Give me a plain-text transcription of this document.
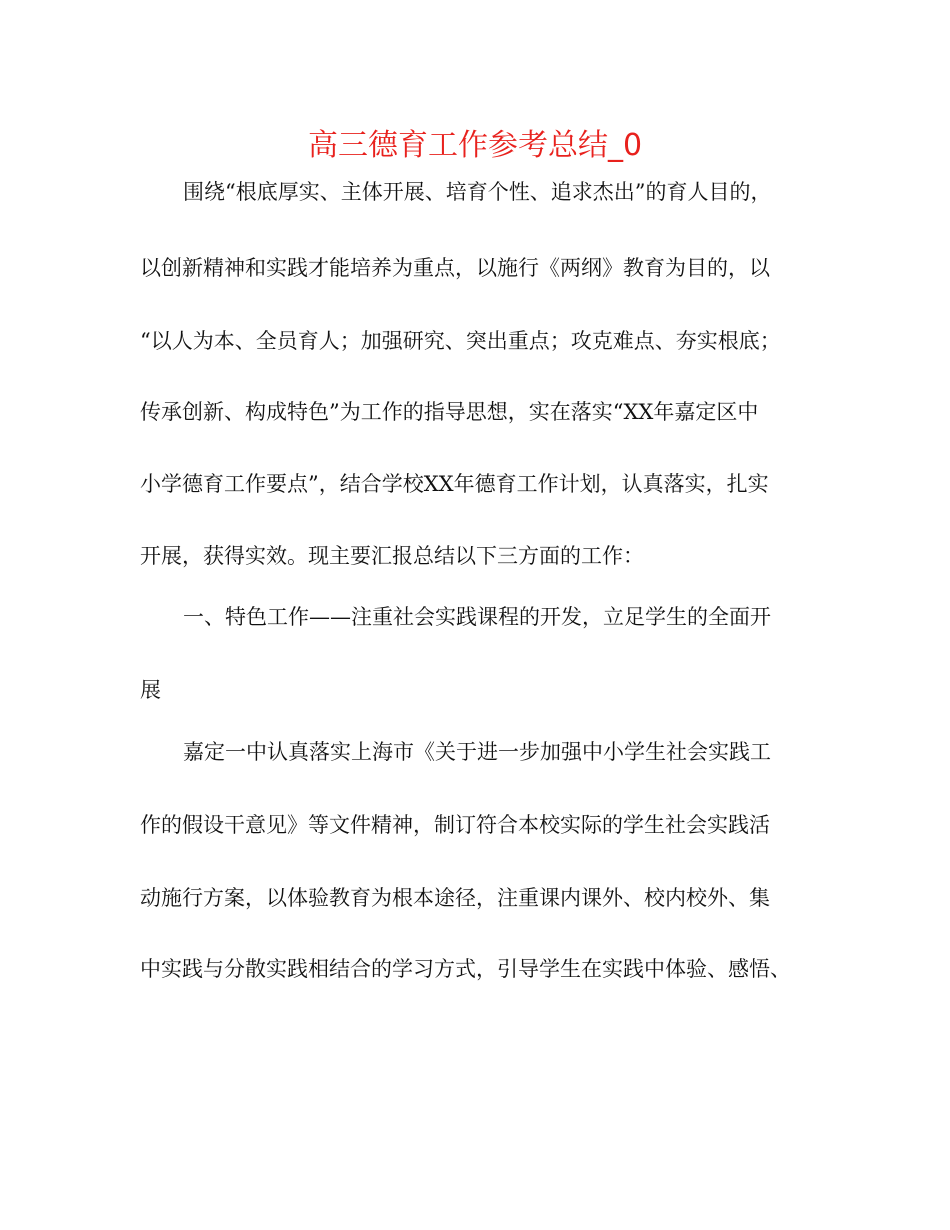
高三德育工作参考总结_0
围绕“根底厚实、主体开展、培育个性、追求杰出”的育人目的，
以创新精神和实践才能培养为重点，以施行《两纲》教育为目的，以
“以人为本、全员育人；加强研究、突出重点；攻克难点、夯实根底；
传承创新、构成特色”为工作的指导思想，实在落实“XX年嘉定区中
小学德育工作要点”，结合学校XX年德育工作计划，认真落实，扎实
开展，获得实效。现主要汇报总结以下三方面的工作：
一、特色工作——注重社会实践课程的开发，立足学生的全面开
展
嘉定一中认真落实上海市《关于进一步加强中小学生社会实践工
作的假设干意见》等文件精神，制订符合本校实际的学生社会实践活
动施行方案，以体验教育为根本途径，注重课内课外、校内校外、集
中实践与分散实践相结合的学习方式，引导学生在实践中体验、感悟、
